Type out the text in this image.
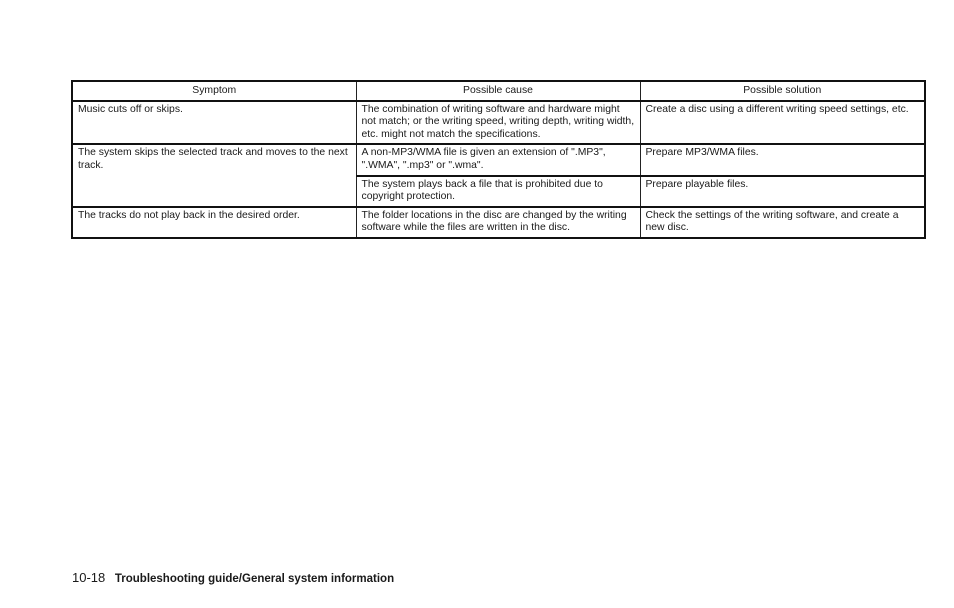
Symptom	Possible cause	Possible solution
Music cuts off or skips.	The combination of writing software and hardware might not match; or the writing speed, writing depth, writing width, etc. might not match the specifications.	Create a disc using a different writing speed settings, etc.
The system skips the selected track and moves to the next track.	A non-MP3/WMA file is given an extension of ".MP3", ".WMA", ".mp3" or ".wma".	Prepare MP3/WMA files.
	The system plays back a file that is prohibited due to copyright protection.	Prepare playable files.
The tracks do not play back in the desired order.	The folder locations in the disc are changed by the writing software while the files are written in the disc.	Check the settings of the writing software, and create a new disc.
10-18 Troubleshooting guide/General system information
